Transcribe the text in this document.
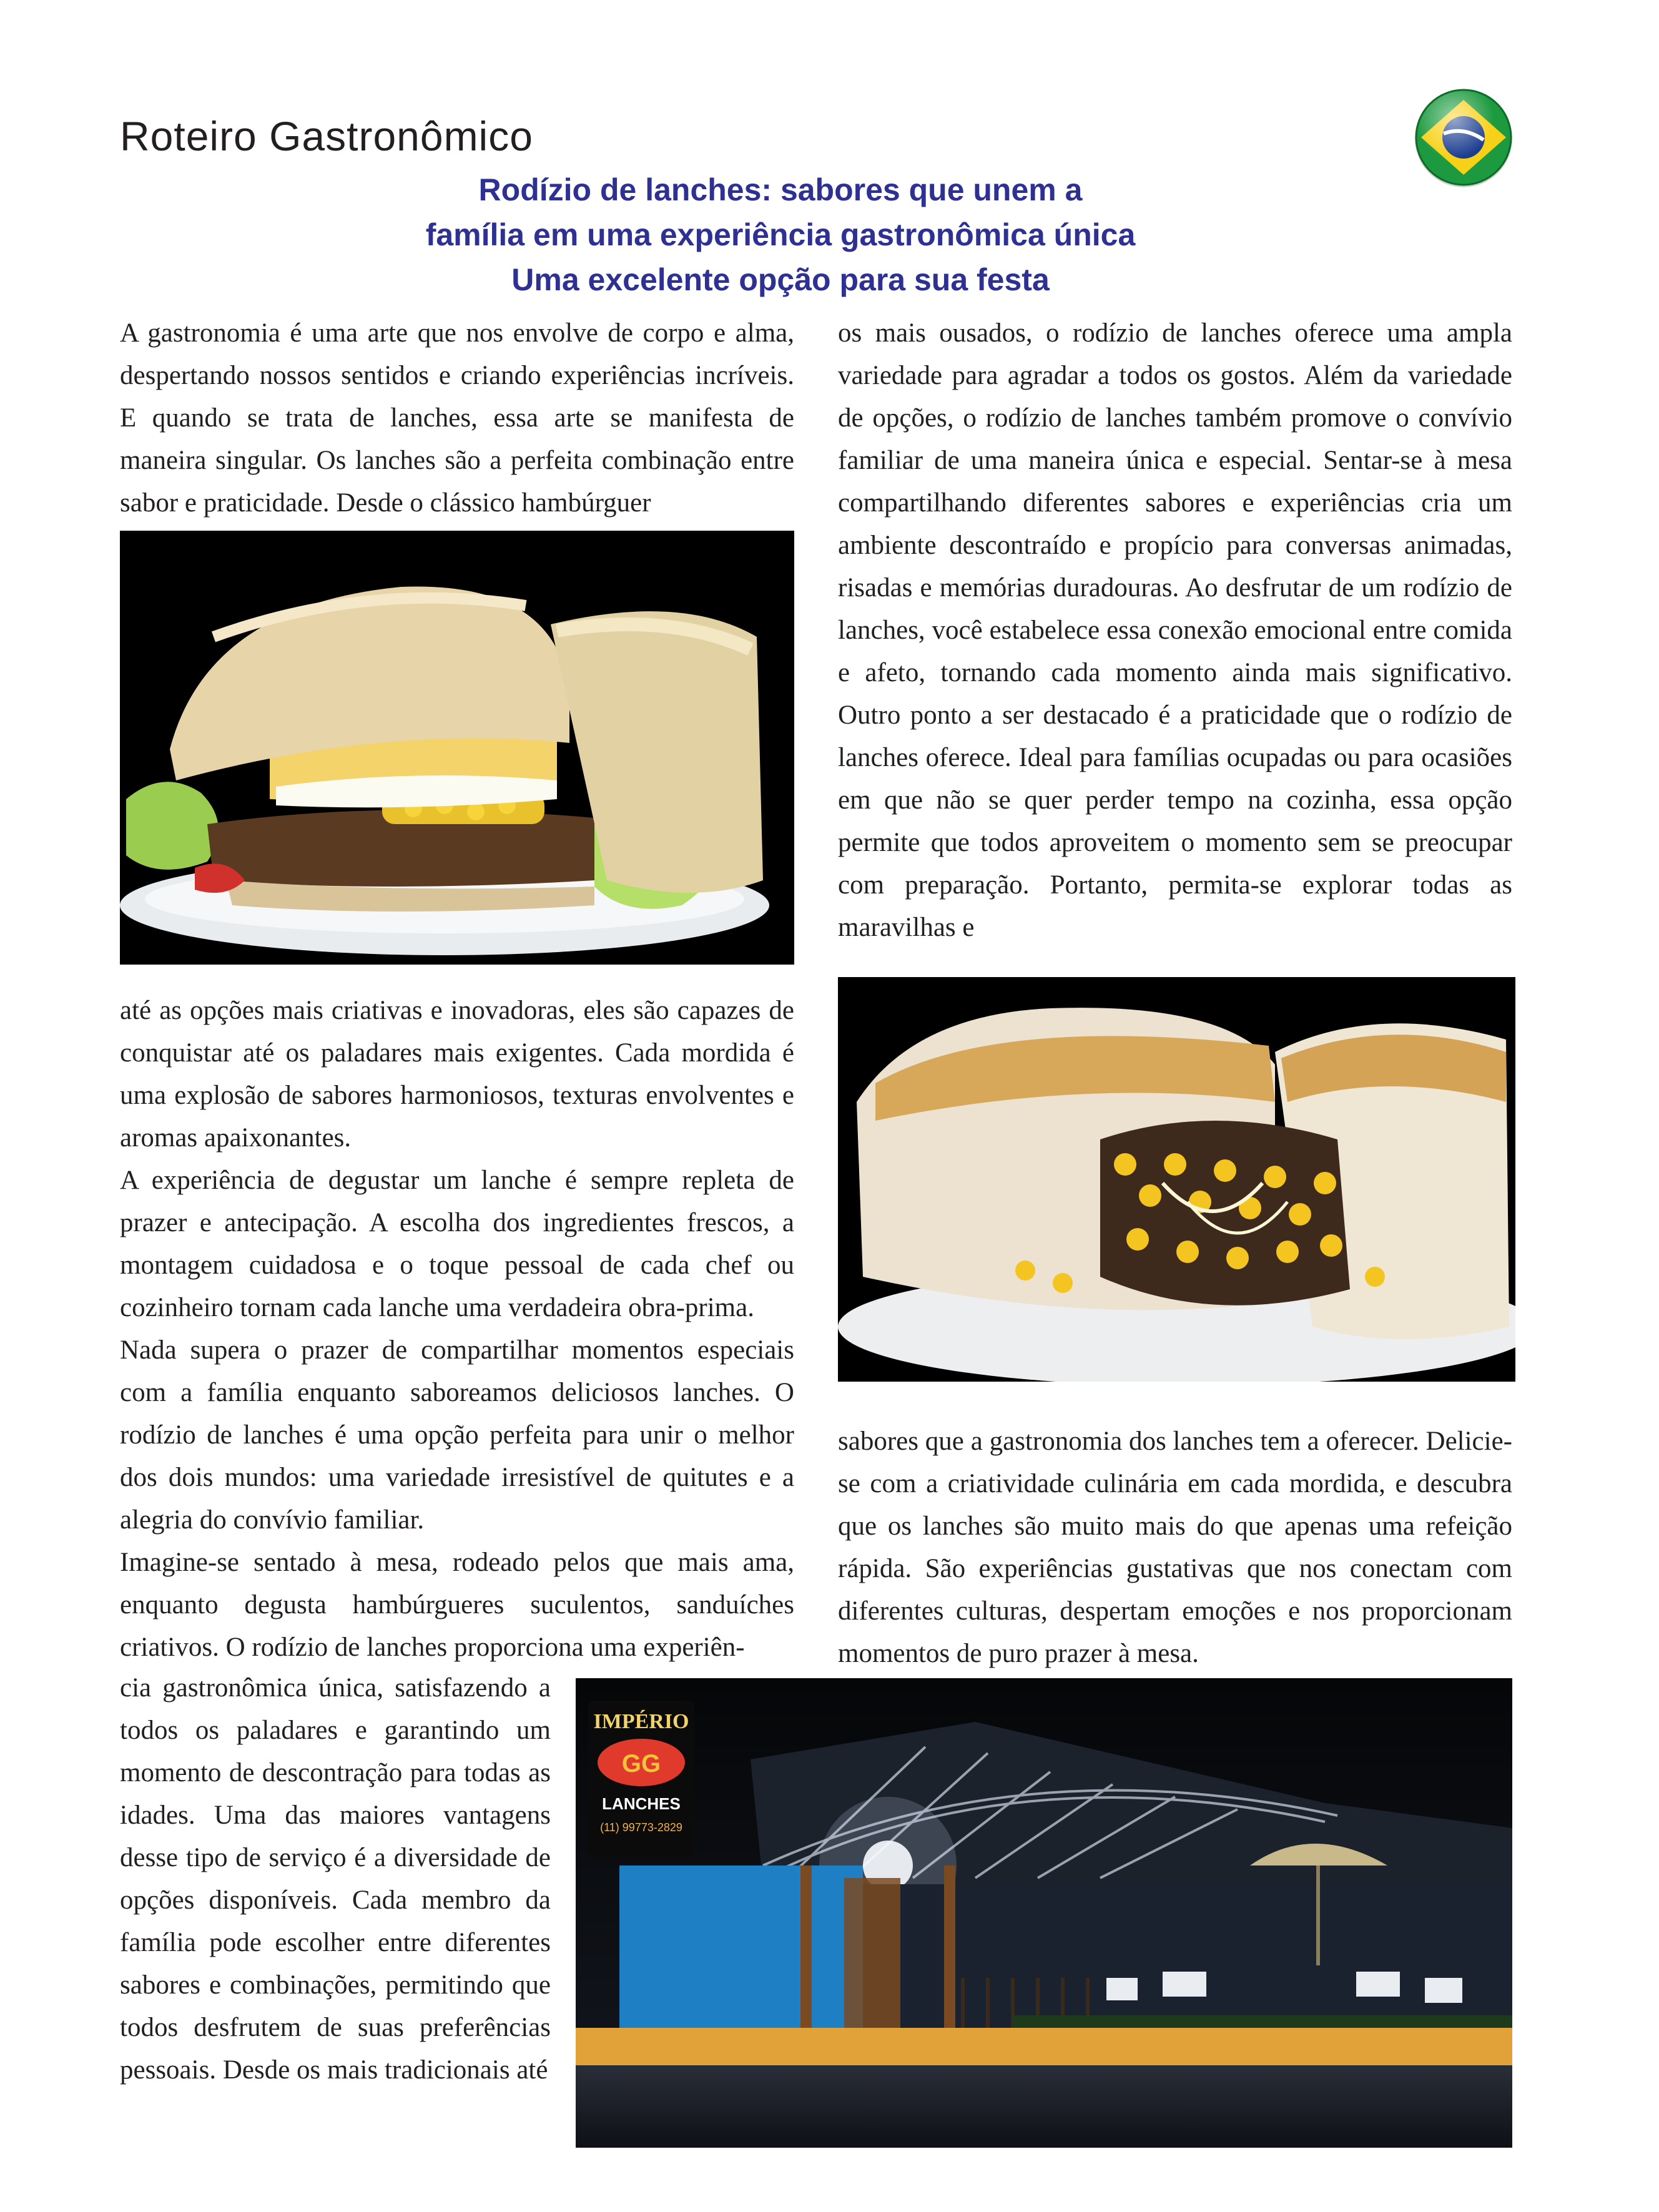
Roteiro Gastronômico
Rodízio de lanches: sabores que unem a
família em uma experiência gastronômica única
Uma excelente opção para sua festa

A gastronomia é uma arte que nos envolve de corpo e alma, despertando nossos sentidos e criando experiências incríveis. E quando se trata de lanches, essa arte se manifesta de maneira singular. Os lanches são a perfeita combinação entre sabor e praticidade. Desde o clássico hambúrguer

até as opções mais criativas e inovadoras, eles são capazes de conquistar até os paladares mais exigentes. Cada mordida é uma explosão de sabores harmoniosos, texturas envolventes e aromas apaixonantes.

A experiência de degustar um lanche é sempre repleta de prazer e antecipação. A escolha dos ingredientes frescos, a montagem cuidadosa e o toque pessoal de cada chef ou cozinheiro tornam cada lanche uma verdadeira obra-prima.

Nada supera o prazer de compartilhar momentos especiais com a família enquanto saboreamos deliciosos lanches. O rodízio de lanches é uma opção perfeita para unir o melhor dos dois mundos: uma variedade irresistível de quitutes e a alegria do convívio familiar.

Imagine-se sentado à mesa, rodeado pelos que mais ama, enquanto degusta hambúrgueres suculentos, sanduíches criativos. O rodízio de lanches proporciona uma experiên-

cia gastronômica única, satisfazendo a todos os paladares e garantindo um momento de descontração para todas as idades. Uma das maiores vantagens desse tipo de serviço é a diversidade de opções disponíveis. Cada membro da família pode escolher entre diferentes sabores e combinações, permitindo que todos desfrutem de suas preferências pessoais. Desde os mais tradicionais até

os mais ousados, o rodízio de lanches oferece uma ampla variedade para agradar a todos os gostos. Além da variedade de opções, o rodízio de lanches também promove o convívio familiar de uma maneira única e especial. Sentar-se à mesa compartilhando diferentes sabores e experiências cria um ambiente descontraído e propício para conversas animadas, risadas e memórias duradouras. Ao desfrutar de um rodízio de lanches, você estabelece essa conexão emocional entre comida e afeto, tornando cada momento ainda mais significativo. Outro ponto a ser destacado é a praticidade que o rodízio de lanches oferece. Ideal para famílias ocupadas ou para ocasiões em que não se quer perder tempo na cozinha, essa opção permite que todos aproveitem o momento sem se preocupar com preparação. Portanto, permita-se explorar todas as maravilhas e

sabores que a gastronomia dos lanches tem a oferecer. Delicie-se com a criatividade culinária em cada mordida, e descubra que os lanches são muito mais do que apenas uma refeição rápida. São experiências gustativas que nos conectam com diferentes culturas, despertam emoções e nos proporcionam momentos de puro prazer à mesa.

IMPÉRIO
GG
LANCHES
(11) 99773-2829
